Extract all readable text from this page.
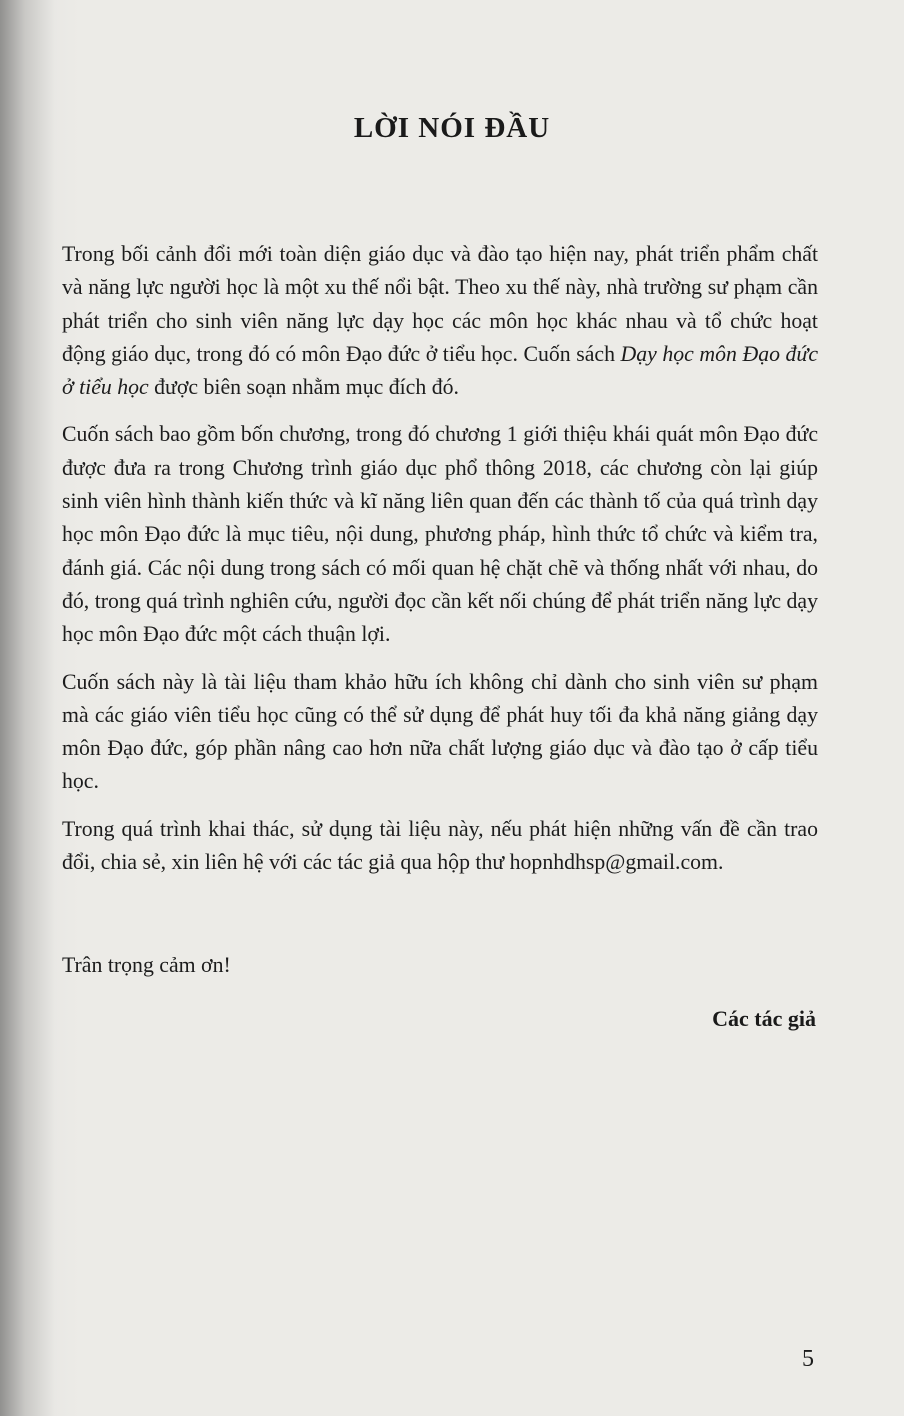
LỜI NÓI ĐẦU

Trong bối cảnh đổi mới toàn diện giáo dục và đào tạo hiện nay, phát triển phẩm chất và năng lực người học là một xu thế nổi bật. Theo xu thế này, nhà trường sư phạm cần phát triển cho sinh viên năng lực dạy học các môn học khác nhau và tổ chức hoạt động giáo dục, trong đó có môn Đạo đức ở tiểu học. Cuốn sách Dạy học môn Đạo đức ở tiểu học được biên soạn nhằm mục đích đó.

Cuốn sách bao gồm bốn chương, trong đó chương 1 giới thiệu khái quát môn Đạo đức được đưa ra trong Chương trình giáo dục phổ thông 2018, các chương còn lại giúp sinh viên hình thành kiến thức và kĩ năng liên quan đến các thành tố của quá trình dạy học môn Đạo đức là mục tiêu, nội dung, phương pháp, hình thức tổ chức và kiểm tra, đánh giá. Các nội dung trong sách có mối quan hệ chặt chẽ và thống nhất với nhau, do đó, trong quá trình nghiên cứu, người đọc cần kết nối chúng để phát triển năng lực dạy học môn Đạo đức một cách thuận lợi.

Cuốn sách này là tài liệu tham khảo hữu ích không chỉ dành cho sinh viên sư phạm mà các giáo viên tiểu học cũng có thể sử dụng để phát huy tối đa khả năng giảng dạy môn Đạo đức, góp phần nâng cao hơn nữa chất lượng giáo dục và đào tạo ở cấp tiểu học.

Trong quá trình khai thác, sử dụng tài liệu này, nếu phát hiện những vấn đề cần trao đổi, chia sẻ, xin liên hệ với các tác giả qua hộp thư hopnhdhsp@gmail.com.

Trân trọng cảm ơn!

Các tác giả

5
